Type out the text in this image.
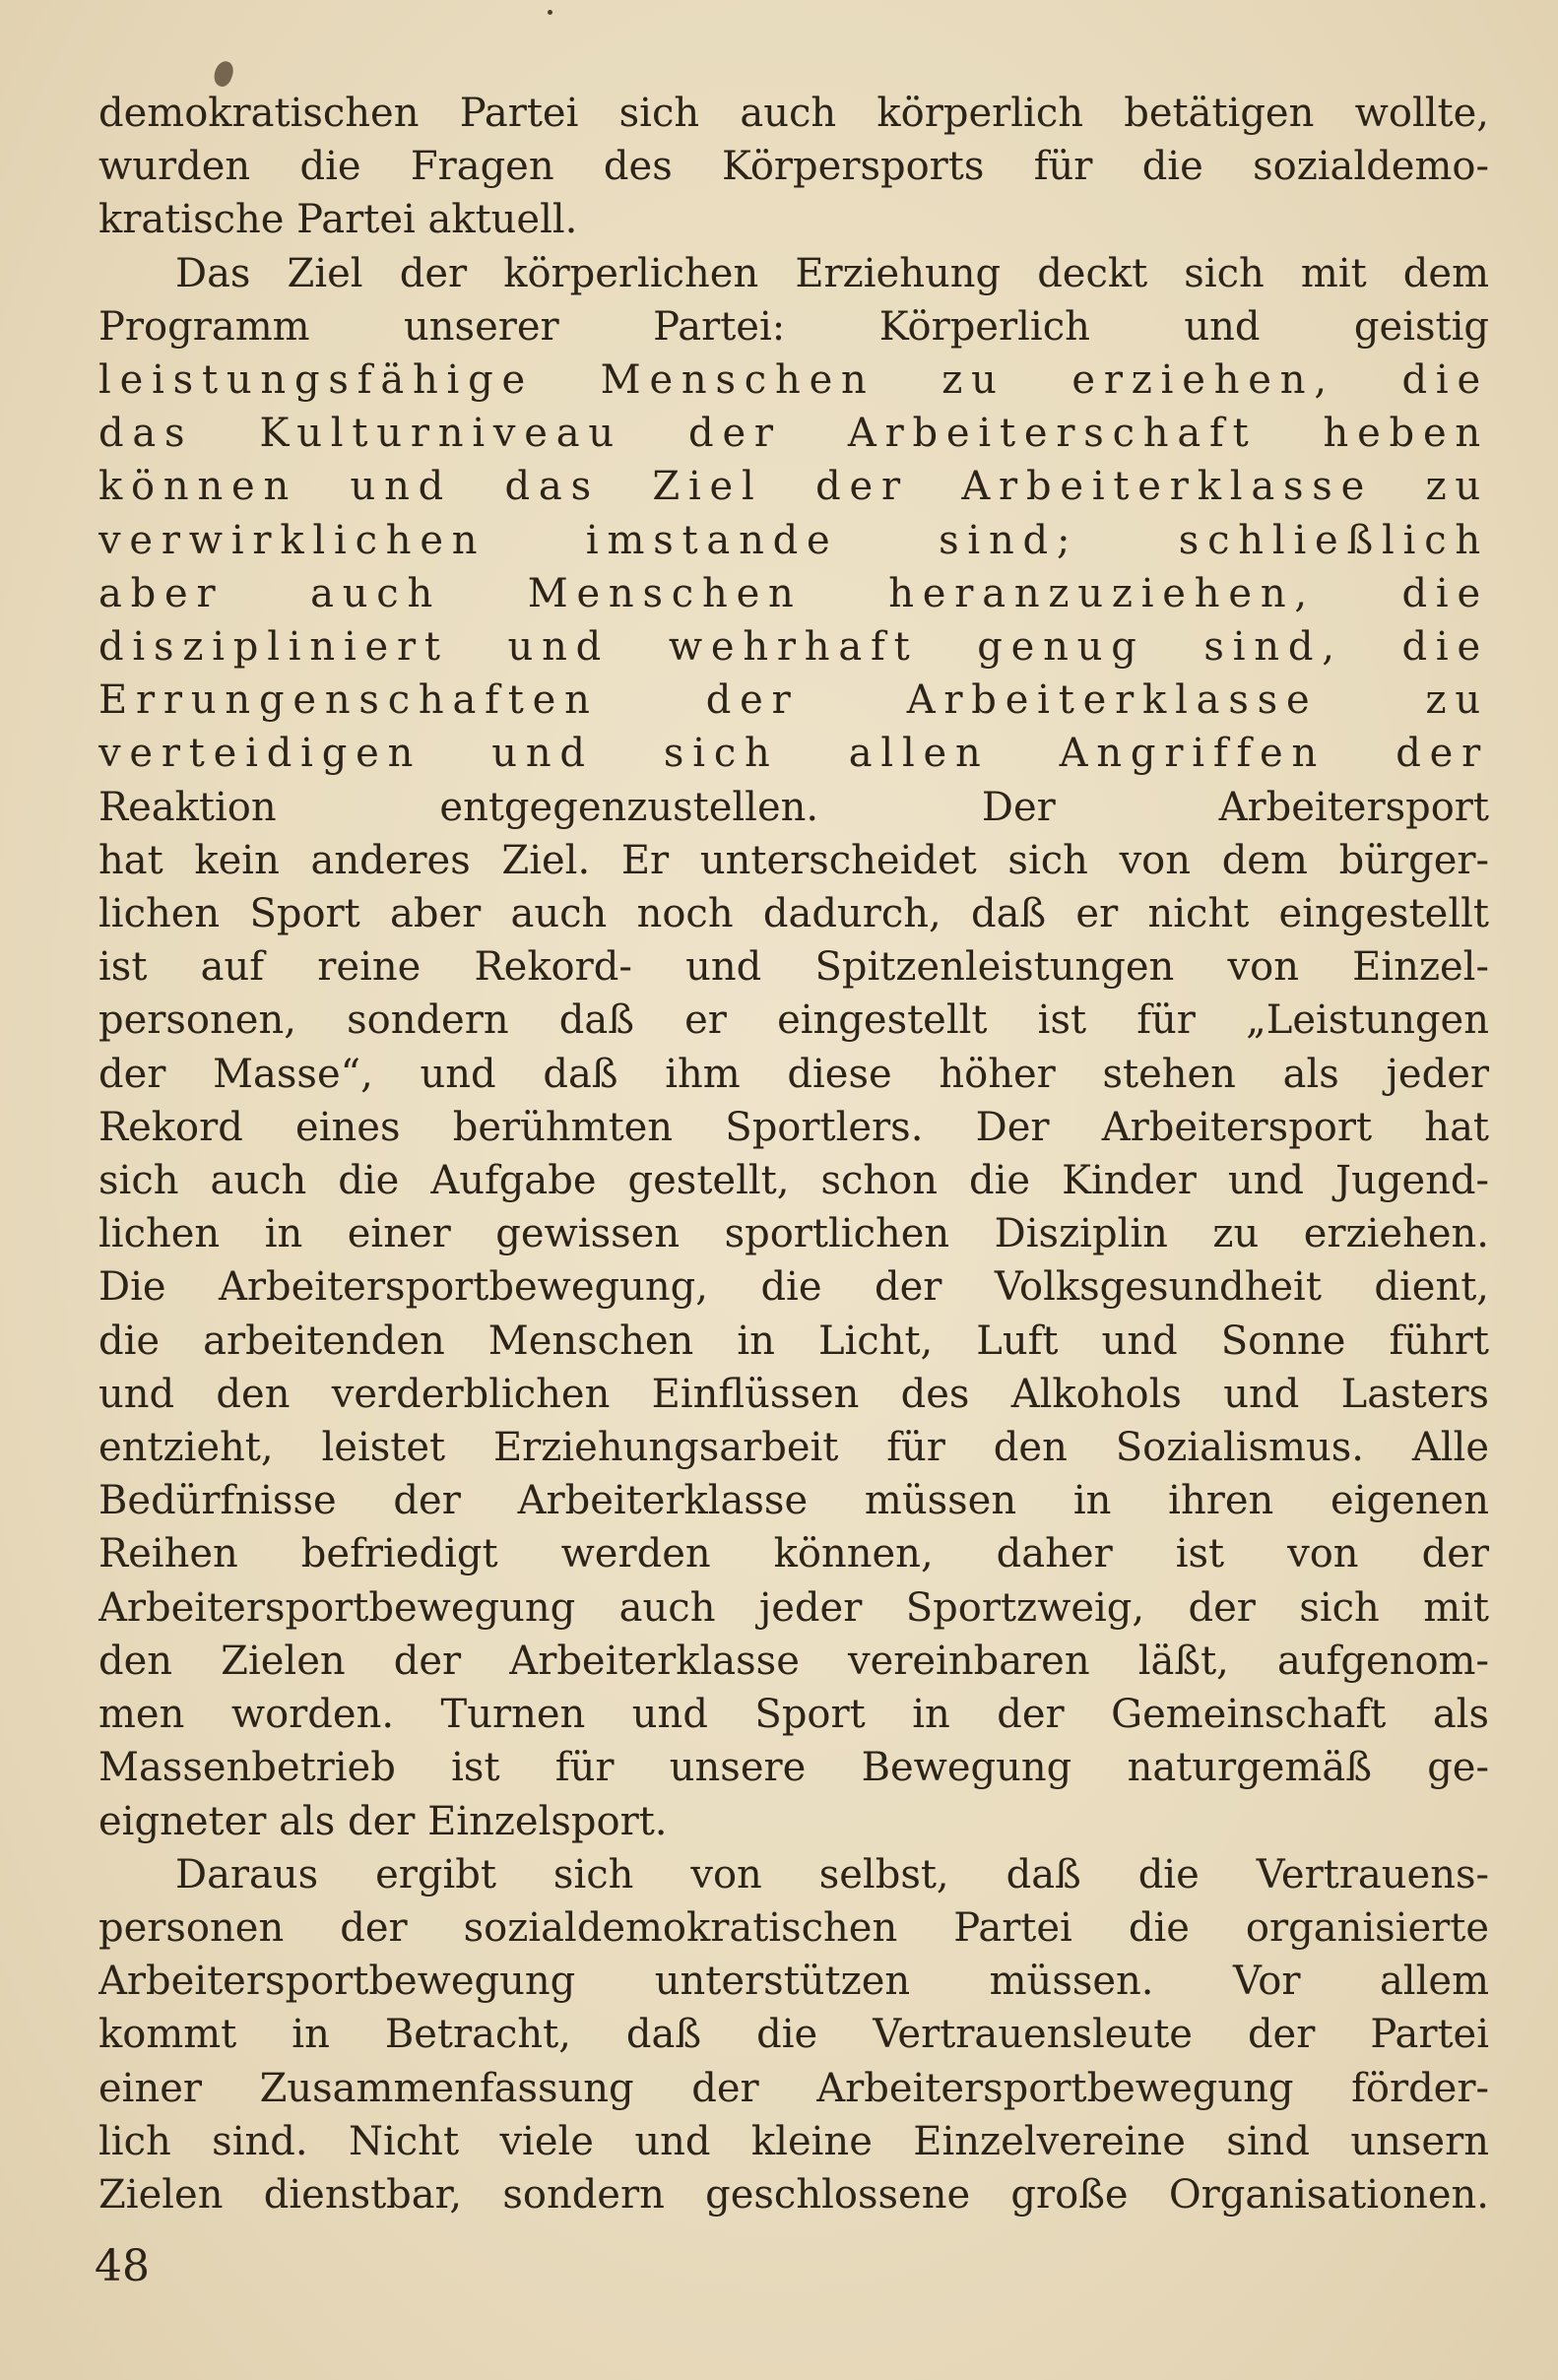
demokratischen Partei sich auch körperlich betätigen wollte,
wurden die Fragen des Körpersports für die sozialdemo-
kratische Partei aktuell.
Das Ziel der körperlichen Erziehung deckt sich mit dem
Programm unserer Partei: Körperlich und geistig
leistungsfähige Menschen zu erziehen, die
das Kulturniveau der Arbeiterschaft heben
können und das Ziel der Arbeiterklasse zu
verwirklichen imstande sind; schließlich
aber auch Menschen heranzuziehen, die
diszipliniert und wehrhaft genug sind, die
Errungenschaften der Arbeiterklasse zu
verteidigen und sich allen Angriffen der
Reaktion entgegenzustellen. Der Arbeitersport
hat kein anderes Ziel. Er unterscheidet sich von dem bürger-
lichen Sport aber auch noch dadurch, daß er nicht eingestellt
ist auf reine Rekord- und Spitzenleistungen von Einzel-
personen, sondern daß er eingestellt ist für „Leistungen
der Masse“, und daß ihm diese höher stehen als jeder
Rekord eines berühmten Sportlers. Der Arbeitersport hat
sich auch die Aufgabe gestellt, schon die Kinder und Jugend-
lichen in einer gewissen sportlichen Disziplin zu erziehen.
Die Arbeitersportbewegung, die der Volksgesundheit dient,
die arbeitenden Menschen in Licht, Luft und Sonne führt
und den verderblichen Einflüssen des Alkohols und Lasters
entzieht, leistet Erziehungsarbeit für den Sozialismus. Alle
Bedürfnisse der Arbeiterklasse müssen in ihren eigenen
Reihen befriedigt werden können, daher ist von der
Arbeitersportbewegung auch jeder Sportzweig, der sich mit
den Zielen der Arbeiterklasse vereinbaren läßt, aufgenom-
men worden. Turnen und Sport in der Gemeinschaft als
Massenbetrieb ist für unsere Bewegung naturgemäß ge-
eigneter als der Einzelsport.
Daraus ergibt sich von selbst, daß die Vertrauens-
personen der sozialdemokratischen Partei die organisierte
Arbeitersportbewegung unterstützen müssen. Vor allem
kommt in Betracht, daß die Vertrauensleute der Partei
einer Zusammenfassung der Arbeitersportbewegung förder-
lich sind. Nicht viele und kleine Einzelvereine sind unsern
Zielen dienstbar, sondern geschlossene große Organisationen.
48
